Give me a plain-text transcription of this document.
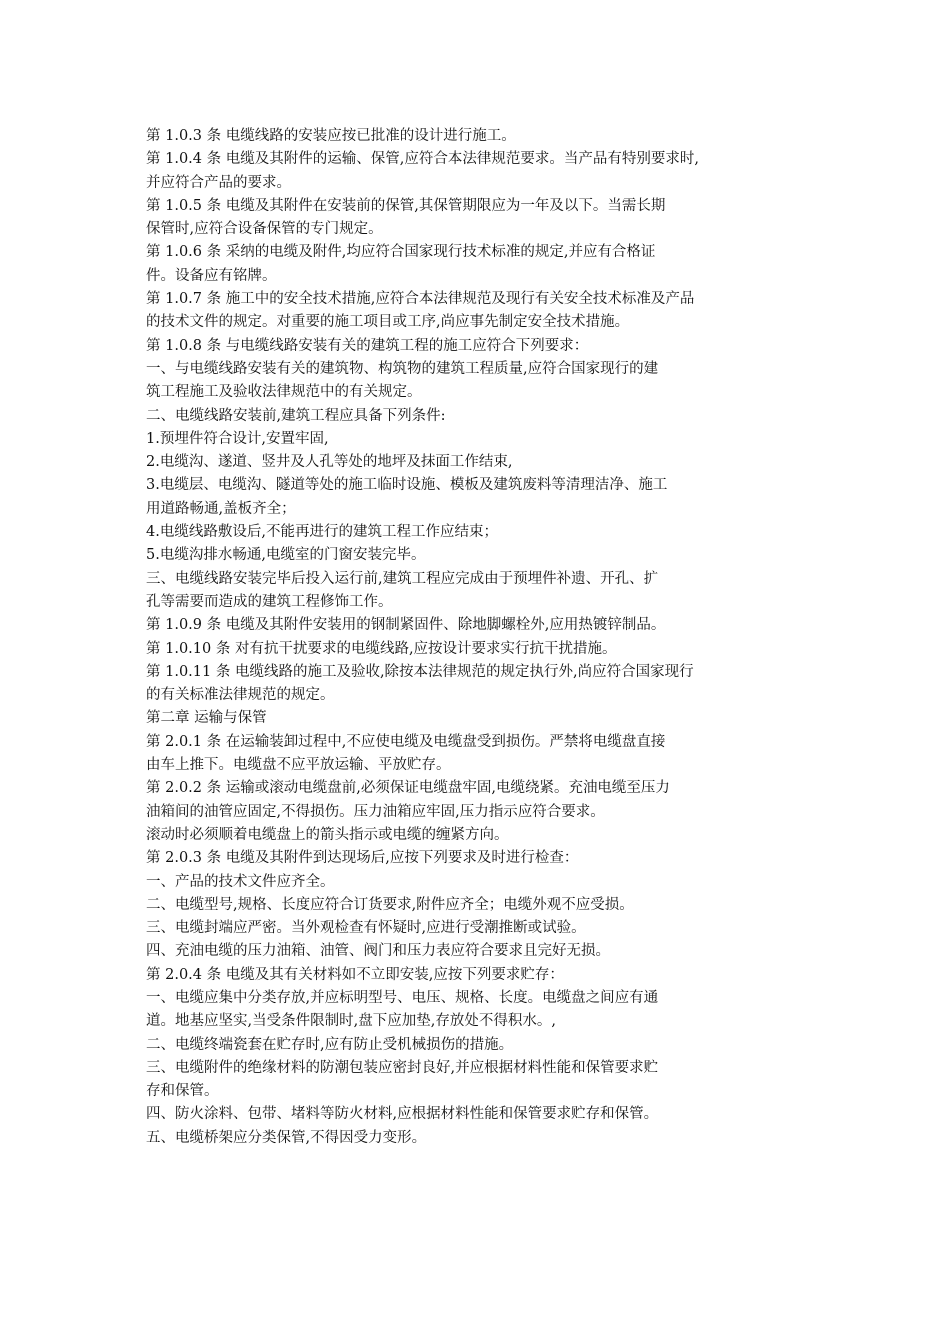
第 1.0.3 条 电缆线路的安装应按已批准的设计进行施工。
第 1.0.4 条 电缆及其附件的运输、保管,应符合本法律规范要求。当产品有特别要求时,
并应符合产品的要求。
第 1.0.5 条 电缆及其附件在安装前的保管,其保管期限应为一年及以下。当需长期
保管时,应符合设备保管的专门规定。
第 1.0.6 条 采纳的电缆及附件,均应符合国家现行技术标准的规定,并应有合格证
件。设备应有铭牌。
第 1.0.7 条 施工中的安全技术措施,应符合本法律规范及现行有关安全技术标准及产品
的技术文件的规定。对重要的施工项目或工序,尚应事先制定安全技术措施。
第 1.0.8 条 与电缆线路安装有关的建筑工程的施工应符合下列要求：
一、与电缆线路安装有关的建筑物、构筑物的建筑工程质量,应符合国家现行的建
筑工程施工及验收法律规范中的有关规定。
二、电缆线路安装前,建筑工程应具备下列条件:
1.预埋件符合设计,安置牢固,
2.电缆沟、遂道、竖井及人孔等处的地坪及抹面工作结束,
3.电缆层、电缆沟、隧道等处的施工临时设施、模板及建筑废料等清理洁净、施工
用道路畅通,盖板齐全；
4.电缆线路敷设后,不能再进行的建筑工程工作应结束；
5.电缆沟排水畅通,电缆室的门窗安装完毕。
三、电缆线路安装完毕后投入运行前,建筑工程应完成由于预埋件补遗、开孔、扩
孔等需要而造成的建筑工程修饰工作。
第 1.0.9 条 电缆及其附件安装用的钢制紧固件、除地脚螺栓外,应用热镀锌制品。
第 1.0.10 条 对有抗干扰要求的电缆线路,应按设计要求实行抗干扰措施。
第 1.0.11 条 电缆线路的施工及验收,除按本法律规范的规定执行外,尚应符合国家现行
的有关标准法律规范的规定。
第二章 运输与保管
第 2.0.1 条 在运输装卸过程中,不应使电缆及电缆盘受到损伤。严禁将电缆盘直接
由车上推下。电缆盘不应平放运输、平放贮存。
第 2.0.2 条 运输或滚动电缆盘前,必须保证电缆盘牢固,电缆绕紧。充油电缆至压力
油箱间的油管应固定,不得损伤。压力油箱应牢固,压力指示应符合要求。
滚动时必须顺着电缆盘上的箭头指示或电缆的缠紧方向。
第 2.0.3 条 电缆及其附件到达现场后,应按下列要求及时进行检查：
一、产品的技术文件应齐全。
二、电缆型号,规格、长度应符合订货要求,附件应齐全；电缆外观不应受损。
三、电缆封端应严密。当外观检查有怀疑时,应进行受潮推断或试验。
四、充油电缆的压力油箱、油管、阀门和压力表应符合要求且完好无损。
第 2.0.4 条 电缆及其有关材料如不立即安装,应按下列要求贮存：
一、电缆应集中分类存放,并应标明型号、电压、规格、长度。电缆盘之间应有通
道。地基应坚实,当受条件限制时,盘下应加垫,存放处不得积水。,
二、电缆终端瓷套在贮存时,应有防止受机械损伤的措施。
三、电缆附件的绝缘材料的防潮包装应密封良好,并应根据材料性能和保管要求贮
存和保管。
四、防火涂料、包带、堵料等防火材料,应根据材料性能和保管要求贮存和保管。
五、电缆桥架应分类保管,不得因受力变形。
